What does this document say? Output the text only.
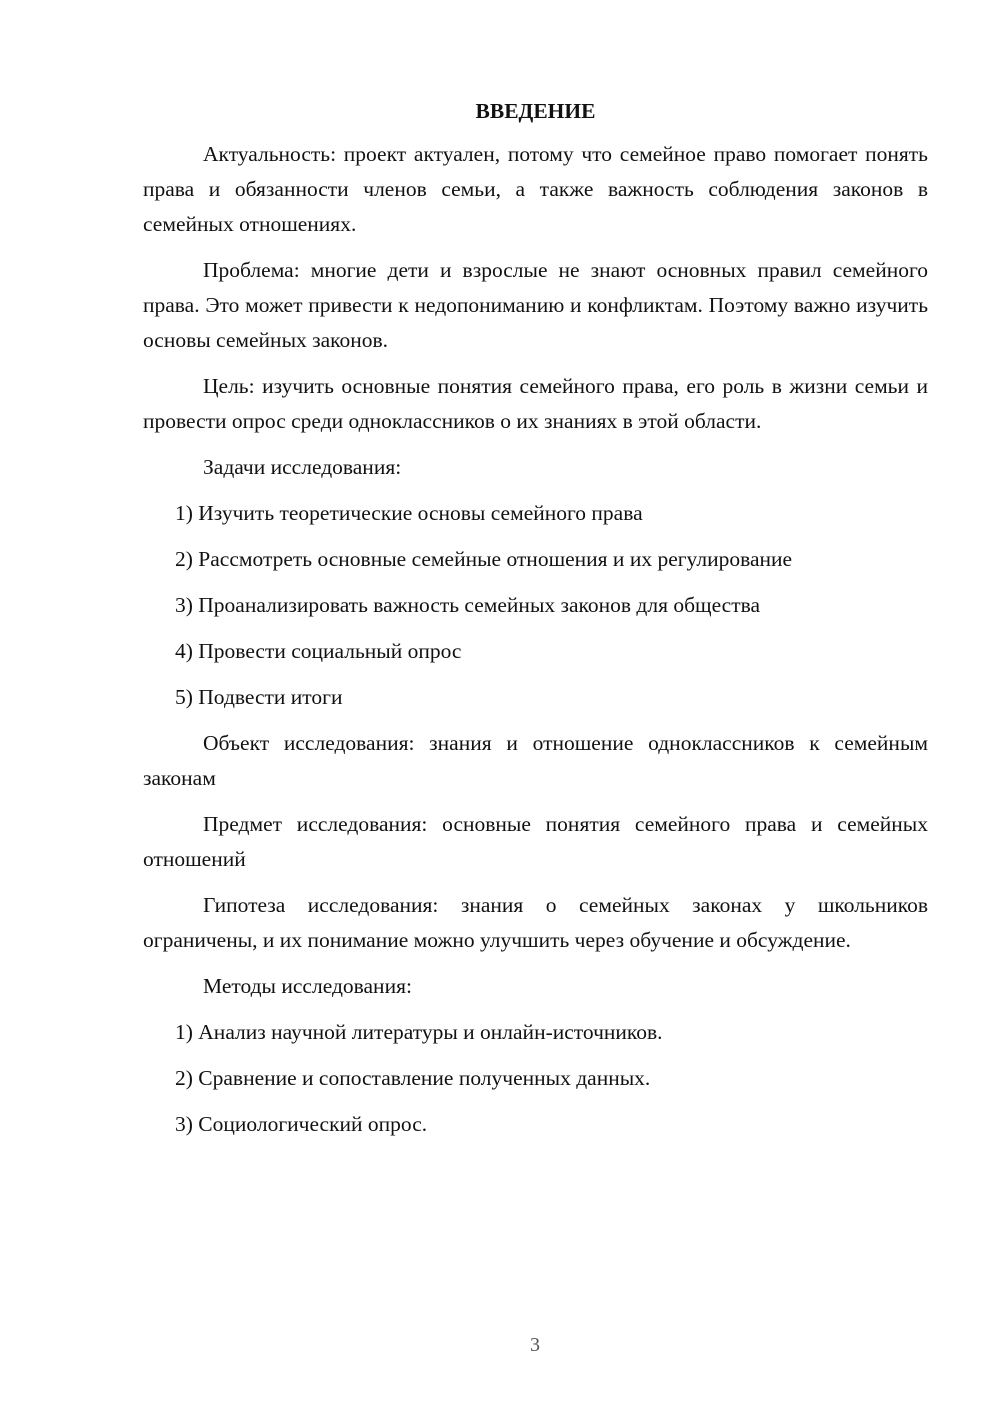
ВВЕДЕНИЕ

Актуальность: проект актуален, потому что семейное право помогает понять права и обязанности членов семьи, а также важность соблюдения законов в семейных отношениях.

Проблема: многие дети и взрослые не знают основных правил семейного права. Это может привести к недопониманию и конфликтам. Поэтому важно изучить основы семейных законов.

Цель: изучить основные понятия семейного права, его роль в жизни семьи и провести опрос среди одноклассников о их знаниях в этой области.

Задачи исследования:
1) Изучить теоретические основы семейного права
2) Рассмотреть основные семейные отношения и их регулирование
3) Проанализировать важность семейных законов для общества
4) Провести социальный опрос
5) Подвести итоги

Объект исследования: знания и отношение одноклассников к семейным законам

Предмет исследования: основные понятия семейного права и семейных отношений

Гипотеза исследования: знания о семейных законах у школьников ограничены, и их понимание можно улучшить через обучение и обсуждение.

Методы исследования:
1) Анализ научной литературы и онлайн-источников.
2) Сравнение и сопоставление полученных данных.
3) Социологический опрос.
3
